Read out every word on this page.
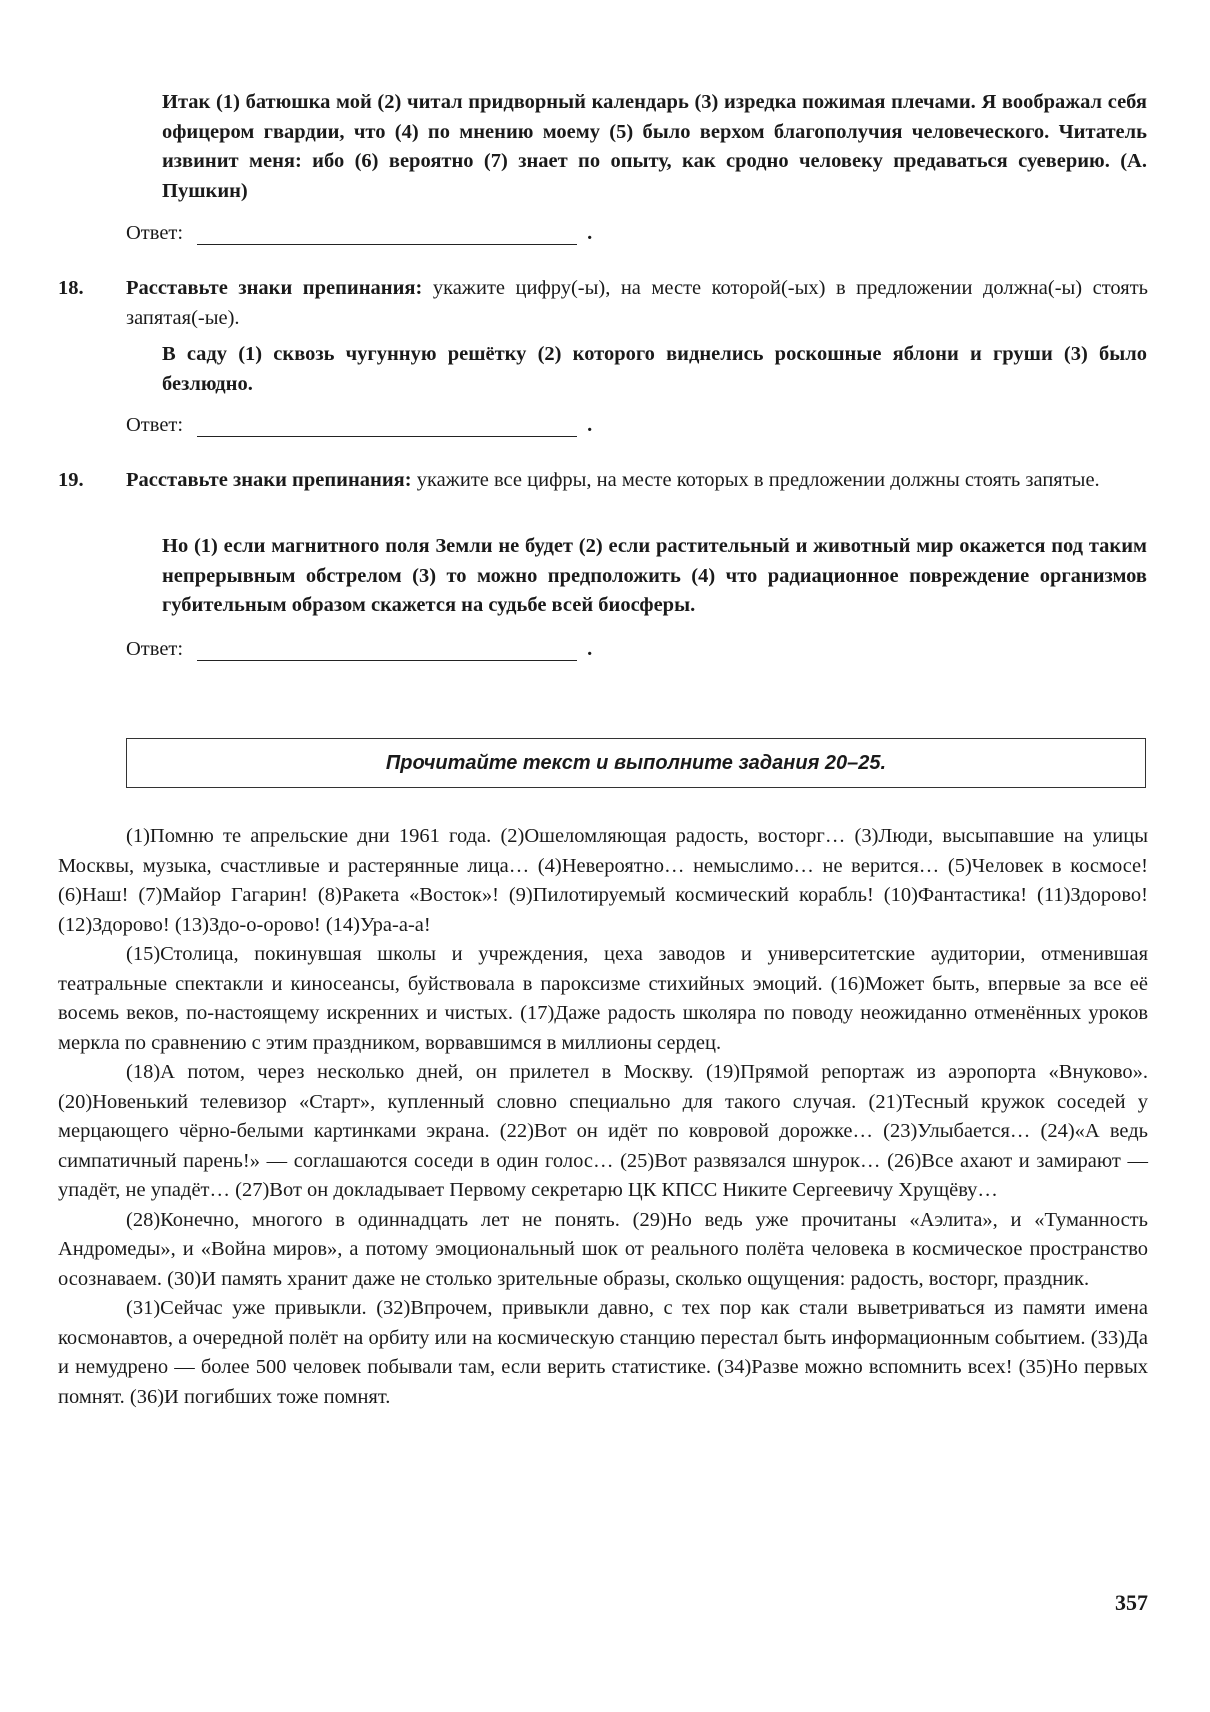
Итак (1) батюшка мой (2) читал придворный календарь (3) изредка пожимая плечами. Я воображал себя офицером гвардии, что (4) по мнению моему (5) было верхом благополучия человеческого. Читатель извинит меня: ибо (6) вероятно (7) знает по опыту, как сродно человеку предаваться суеверию. (А. Пушкин)
Ответ:	.
18.	Расставьте знаки препинания: укажите цифру(-ы), на месте которой(-ых) в предложении должна(-ы) стоять запятая(-ые).
В саду (1) сквозь чугунную решётку (2) которого виднелись роскошные яблони и груши (3) было безлюдно.
Ответ:	.
19.	Расставьте знаки препинания: укажите все цифры, на месте которых в предложении должны стоять запятые.
Но (1) если магнитного поля Земли не будет (2) если растительный и животный мир окажется под таким непрерывным обстрелом (3) то можно предположить (4) что радиационное повреждение организмов губительным образом скажется на судьбе всей биосферы.
Ответ:	.
Прочитайте текст и выполните задания 20–25.

(1)Помню те апрельские дни 1961 года. (2)Ошеломляющая радость, восторг… (3)Люди, высыпавшие на улицы Москвы, музыка, счастливые и растерянные лица… (4)Невероятно… немыслимо… не верится… (5)Человек в космосе! (6)Наш! (7)Майор Гагарин! (8)Ракета «Восток»! (9)Пилотируемый космический корабль! (10)Фантастика! (11)Здорово! (12)Здорово! (13)Здо-о-орово! (14)Ура-а-а!

(15)Столица, покинувшая школы и учреждения, цеха заводов и университетские аудитории, отменившая театральные спектакли и киносеансы, буйствовала в пароксизме стихийных эмоций. (16)Может быть, впервые за все её восемь веков, по-настоящему искренних и чистых. (17)Даже радость школяра по поводу неожиданно отменённых уроков меркла по сравнению с этим праздником, ворвавшимся в миллионы сердец.

(18)А потом, через несколько дней, он прилетел в Москву. (19)Прямой репортаж из аэропорта «Внуково». (20)Новенький телевизор «Старт», купленный словно специально для такого случая. (21)Тесный кружок соседей у мерцающего чёрно-белыми картинками экрана. (22)Вот он идёт по ковровой дорожке… (23)Улыбается… (24)«А ведь симпатичный парень!» — соглашаются соседи в один голос… (25)Вот развязался шнурок… (26)Все ахают и замирают — упадёт, не упадёт… (27)Вот он докладывает Первому секретарю ЦК КПСС Никите Сергеевичу Хрущёву…

(28)Конечно, многого в одиннадцать лет не понять. (29)Но ведь уже прочитаны «Аэлита», и «Туманность Андромеды», и «Война миров», а потому эмоциональный шок от реального полёта человека в космическое пространство осознаваем. (30)И память хранит даже не столько зрительные образы, сколько ощущения: радость, восторг, праздник.

(31)Сейчас уже привыкли. (32)Впрочем, привыкли давно, с тех пор как стали выветриваться из памяти имена космонавтов, а очередной полёт на орбиту или на космическую станцию перестал быть информационным событием. (33)Да и немудрено — более 500 человек побывали там, если верить статистике. (34)Разве можно вспомнить всех! (35)Но первых помнят. (36)И погибших тоже помнят.

357
